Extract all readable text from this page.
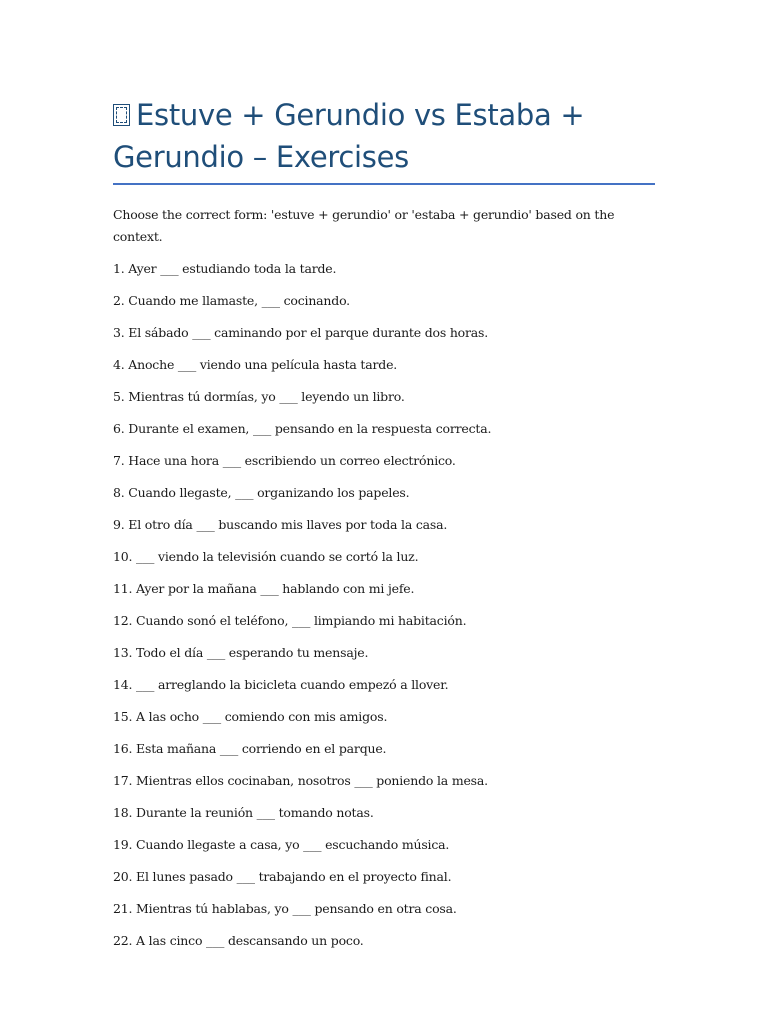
Estuve + Gerundio vs Estaba + Gerundio – Exercises

Choose the correct form: 'estuve + gerundio' or 'estaba + gerundio' based on the context.

1. Ayer ___ estudiando toda la tarde.
2. Cuando me llamaste, ___ cocinando.
3. El sábado ___ caminando por el parque durante dos horas.
4. Anoche ___ viendo una película hasta tarde.
5. Mientras tú dormías, yo ___ leyendo un libro.
6. Durante el examen, ___ pensando en la respuesta correcta.
7. Hace una hora ___ escribiendo un correo electrónico.
8. Cuando llegaste, ___ organizando los papeles.
9. El otro día ___ buscando mis llaves por toda la casa.
10. ___ viendo la televisión cuando se cortó la luz.
11. Ayer por la mañana ___ hablando con mi jefe.
12. Cuando sonó el teléfono, ___ limpiando mi habitación.
13. Todo el día ___ esperando tu mensaje.
14. ___ arreglando la bicicleta cuando empezó a llover.
15. A las ocho ___ comiendo con mis amigos.
16. Esta mañana ___ corriendo en el parque.
17. Mientras ellos cocinaban, nosotros ___ poniendo la mesa.
18. Durante la reunión ___ tomando notas.
19. Cuando llegaste a casa, yo ___ escuchando música.
20. El lunes pasado ___ trabajando en el proyecto final.
21. Mientras tú hablabas, yo ___ pensando en otra cosa.
22. A las cinco ___ descansando un poco.
